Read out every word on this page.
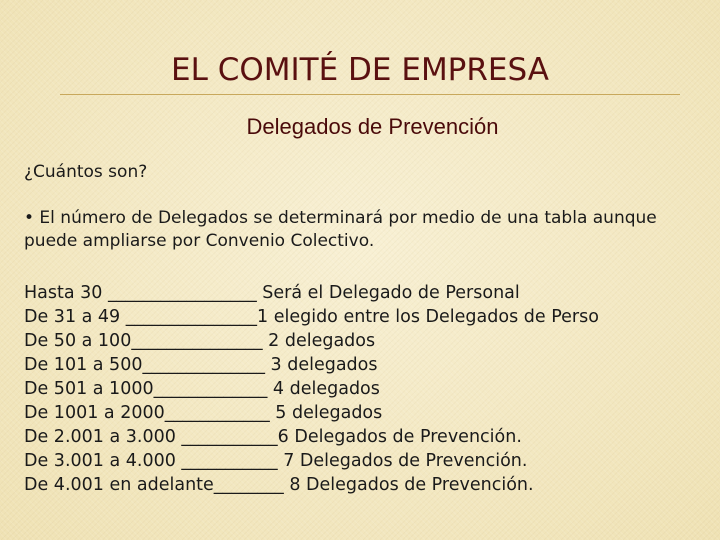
EL COMITÉ DE EMPRESA
Delegados de Prevención
¿Cuántos son?
• El número de Delegados se determinará por medio de una tabla aunque puede ampliarse por Convenio Colectivo.
Hasta 30 _________________ Será el Delegado de Personal
De 31 a 49 _______________1 elegido entre los Delegados de Perso
De 50 a 100_______________ 2 delegados
De 101 a 500______________ 3 delegados
De 501 a 1000_____________ 4 delegados
De 1001 a 2000____________ 5 delegados
De 2.001 a 3.000 ___________6 Delegados de Prevención.
De 3.001 a 4.000 ___________ 7 Delegados de Prevención.
De 4.001 en adelante________ 8 Delegados de Prevención.
